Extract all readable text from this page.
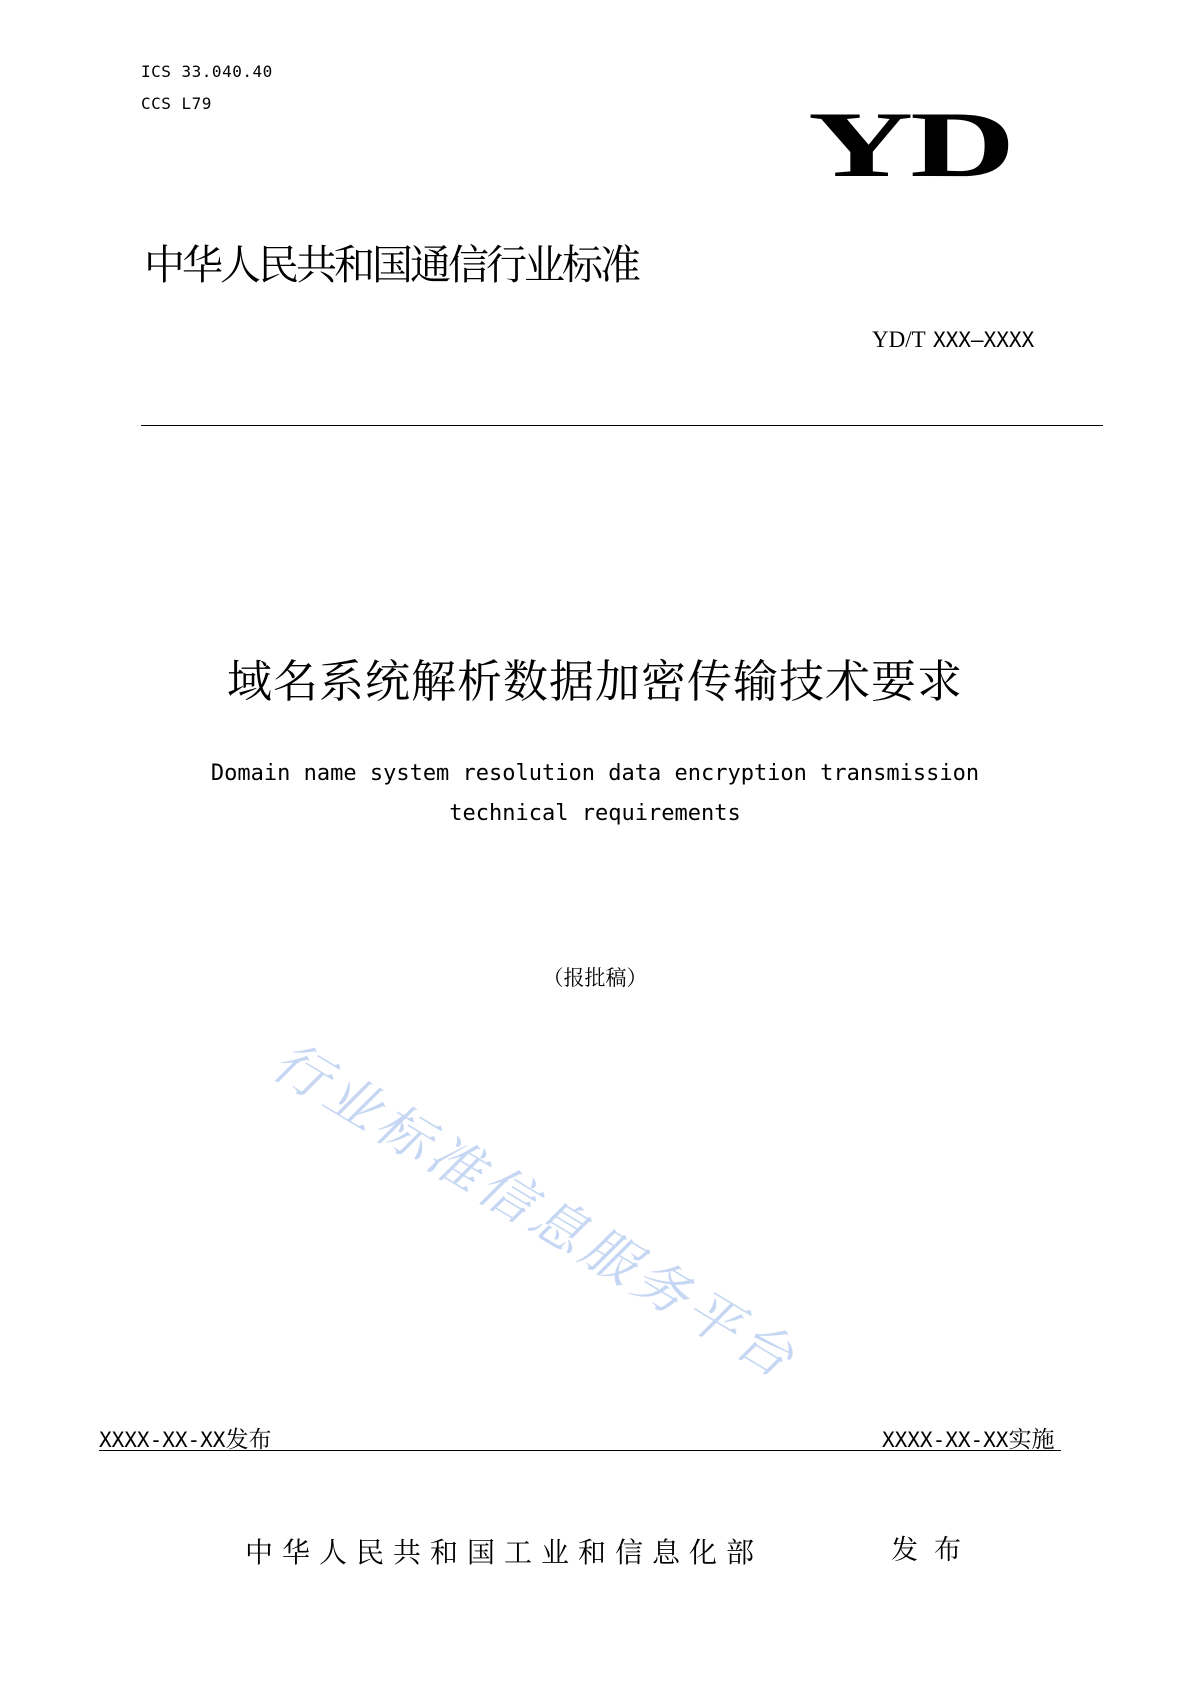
ICS 33.040.40
CCS L79	YD
中华人民共和国通信行业标准
YD/T XXX—XXXX
域名系统解析数据加密传输技术要求
Domain name system resolution data encryption transmission
technical requirements
（报批稿）
行业标准信息服务平台
XXXX-XX-XX发布	XXXX-XX-XX实施
中华人民共和国工业和信息化部	发布
